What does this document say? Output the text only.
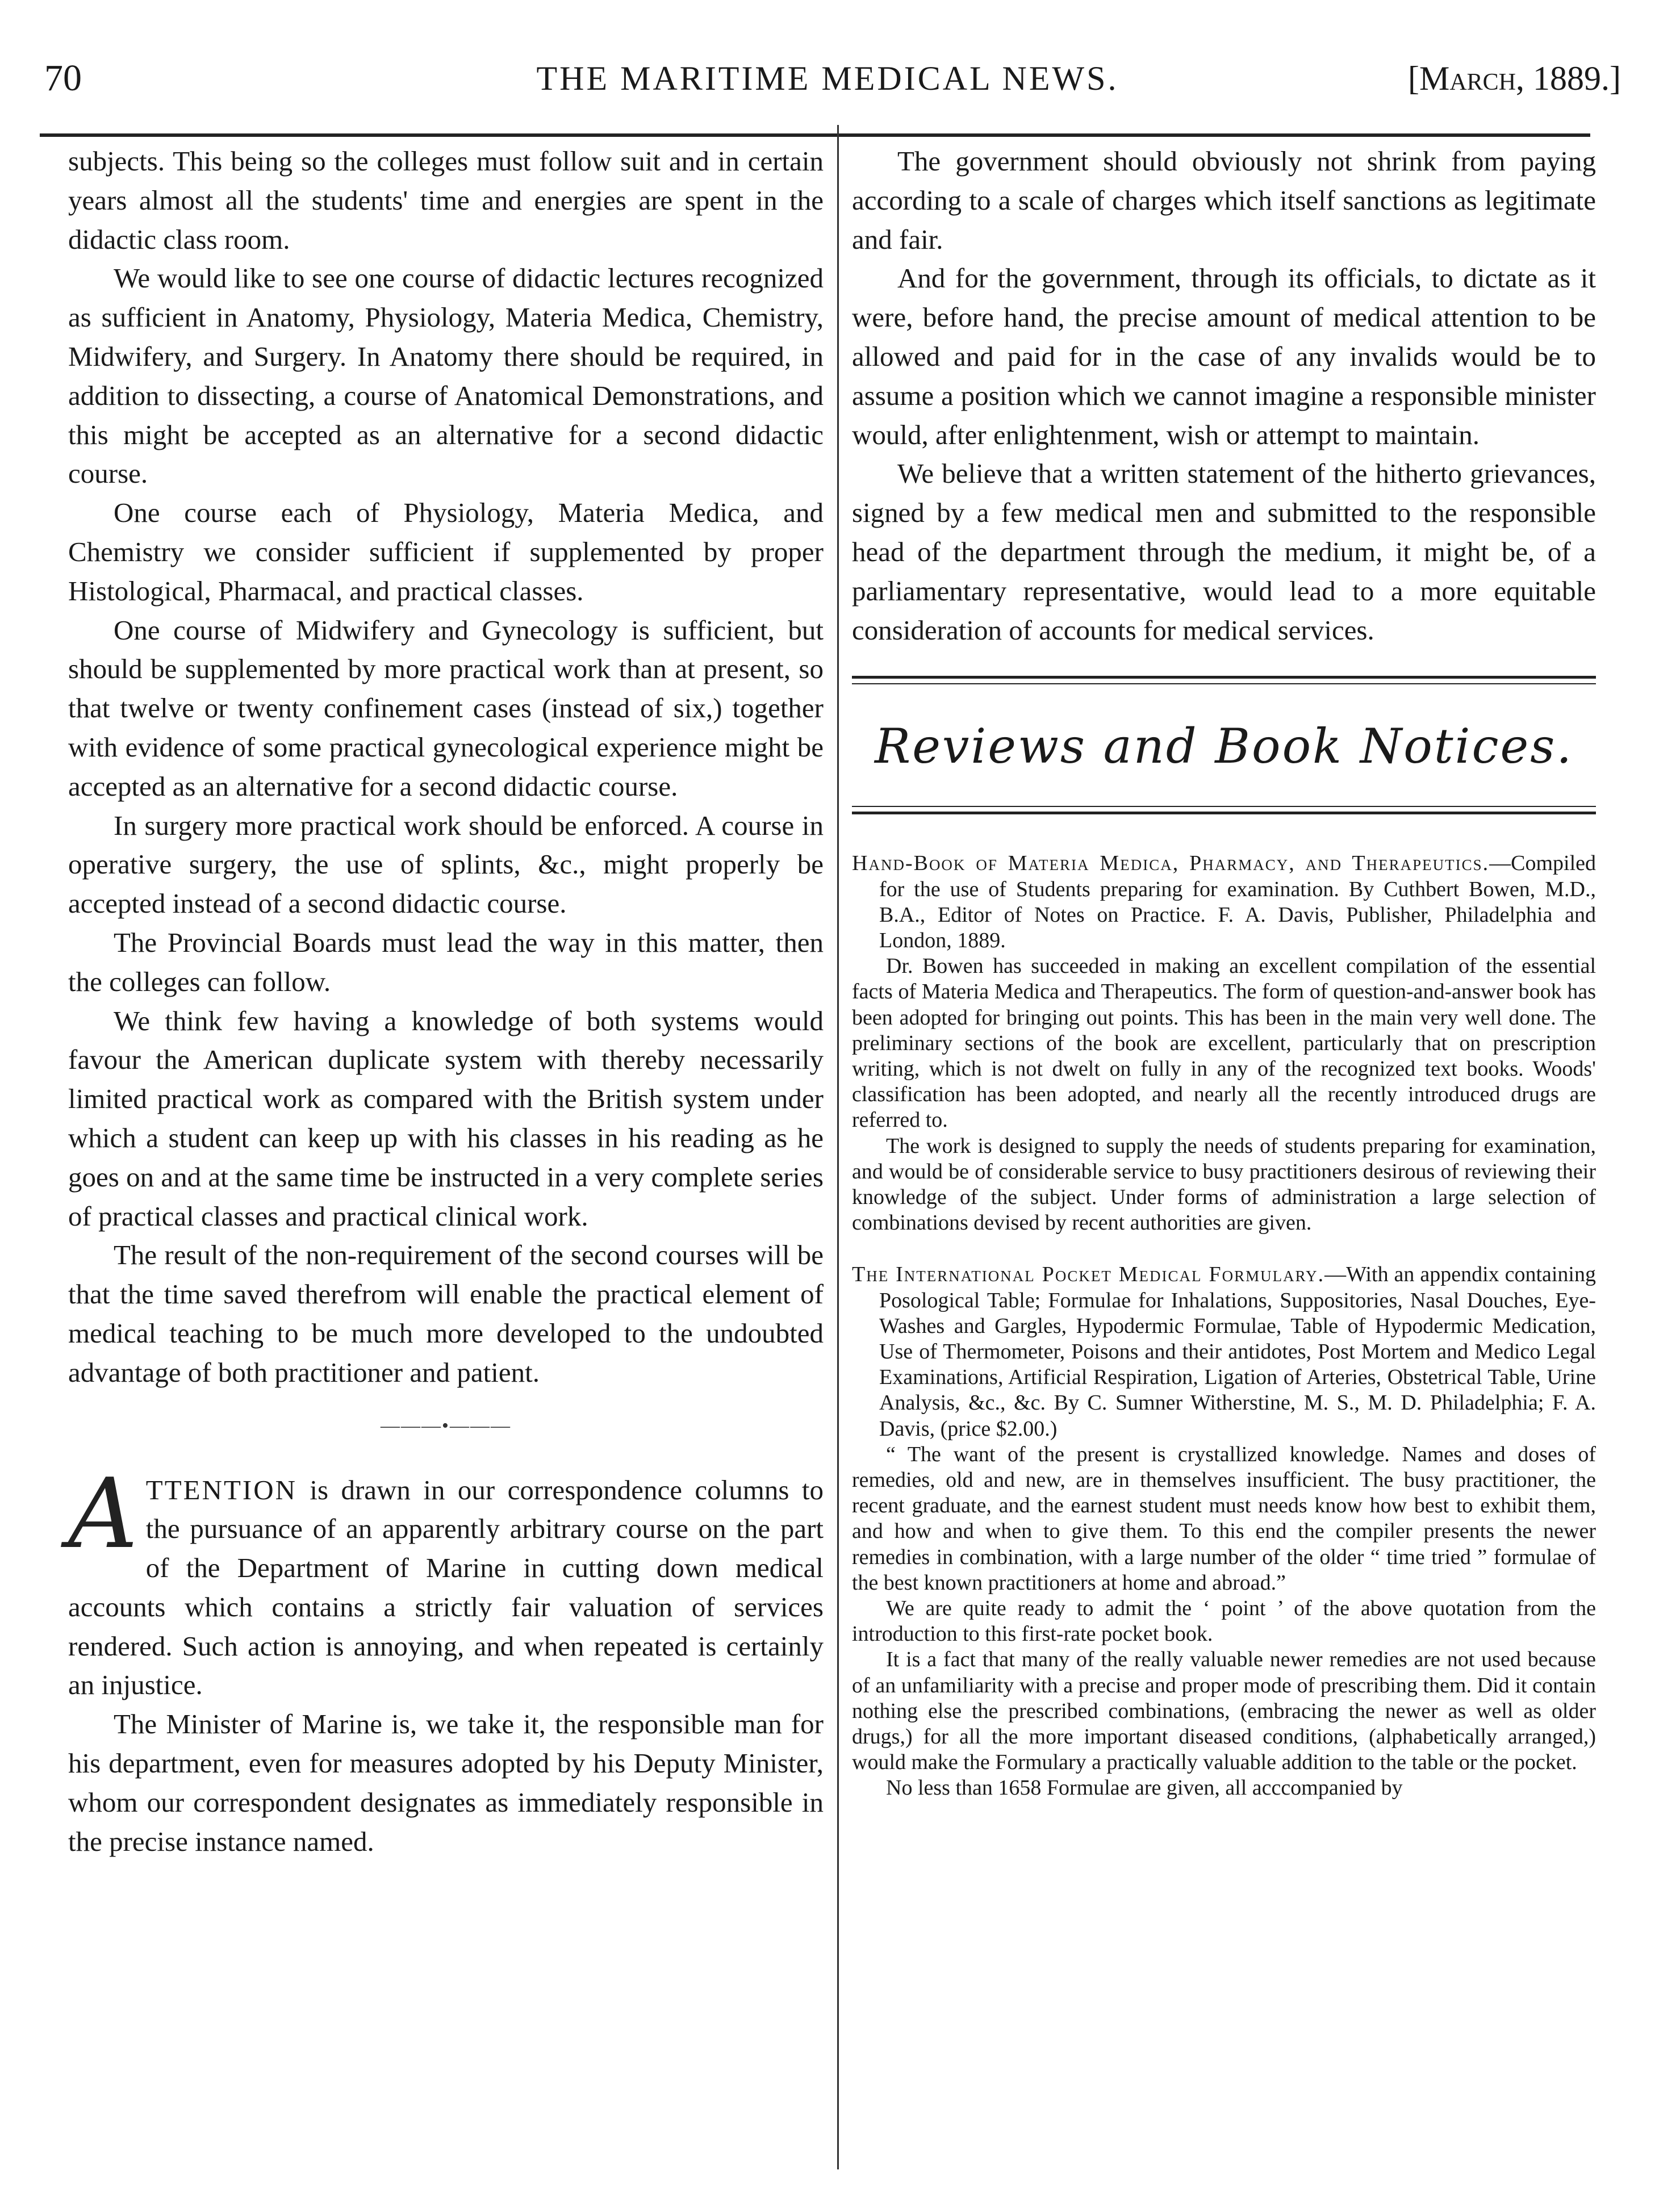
70	THE MARITIME MEDICAL NEWS.	[March, 1889.]

subjects. This being so the colleges must follow suit and in certain years almost all the students' time and energies are spent in the didactic class room.

We would like to see one course of didactic lectures recognized as sufficient in Anatomy, Physiology, Materia Medica, Chemistry, Midwifery, and Surgery. In Anatomy there should be required, in addition to dissecting, a course of Anatomical Demonstrations, and this might be accepted as an alternative for a second didactic course.

One course each of Physiology, Materia Medica, and Chemistry we consider sufficient if supplemented by proper Histological, Pharmacal, and practical classes.

One course of Midwifery and Gynecology is sufficient, but should be supplemented by more practical work than at present, so that twelve or twenty confinement cases (instead of six,) together with evidence of some practical gynecological experience might be accepted as an alternative for a second didactic course.

In surgery more practical work should be enforced. A course in operative surgery, the use of splints, &c., might properly be accepted instead of a second didactic course.

The Provincial Boards must lead the way in this matter, then the colleges can follow.

We think few having a knowledge of both systems would favour the American duplicate system with thereby necessarily limited practical work as compared with the British system under which a student can keep up with his classes in his reading as he goes on and at the same time be instructed in a very complete series of practical classes and practical clinical work.

The result of the non-requirement of the second courses will be that the time saved therefrom will enable the practical element of medical teaching to be much more developed to the undoubted advantage of both practitioner and patient.

———•———

ATTENTION is drawn in our correspondence columns to the pursuance of an apparently arbitrary course on the part of the Department of Marine in cutting down medical accounts which contains a strictly fair valuation of services rendered. Such action is annoying, and when repeated is certainly an injustice.

The Minister of Marine is, we take it, the responsible man for his department, even for measures adopted by his Deputy Minister, whom our correspondent designates as immediately responsible in the precise instance named.

The government should obviously not shrink from paying according to a scale of charges which itself sanctions as legitimate and fair.

And for the government, through its officials, to dictate as it were, before hand, the precise amount of medical attention to be allowed and paid for in the case of any invalids would be to assume a position which we cannot imagine a responsible minister would, after enlightenment, wish or attempt to maintain.

We believe that a written statement of the hitherto grievances, signed by a few medical men and submitted to the responsible head of the department through the medium, it might be, of a parliamentary representative, would lead to a more equitable consideration of accounts for medical services.

Reviews and Book Notices.

Hand-Book of Materia Medica, Pharmacy, and Therapeutics.—Compiled for the use of Students preparing for examination. By Cuthbert Bowen, M.D., B.A., Editor of Notes on Practice. F. A. Davis, Publisher, Philadelphia and London, 1889.

Dr. Bowen has succeeded in making an excellent compilation of the essential facts of Materia Medica and Therapeutics. The form of question-and-answer book has been adopted for bringing out points. This has been in the main very well done. The preliminary sections of the book are excellent, particularly that on prescription writing, which is not dwelt on fully in any of the recognized text books. Woods' classification has been adopted, and nearly all the recently introduced drugs are referred to.

The work is designed to supply the needs of students preparing for examination, and would be of considerable service to busy practitioners desirous of reviewing their knowledge of the subject. Under forms of administration a large selection of combinations devised by recent authorities are given.

The International Pocket Medical Formulary.—With an appendix containing Posological Table; Formulae for Inhalations, Suppositories, Nasal Douches, Eye-Washes and Gargles, Hypodermic Formulae, Table of Hypodermic Medication, Use of Thermometer, Poisons and their antidotes, Post Mortem and Medico Legal Examinations, Artificial Respiration, Ligation of Arteries, Obstetrical Table, Urine Analysis, &c., &c. By C. Sumner Witherstine, M. S., M. D. Philadelphia; F. A. Davis, (price $2.00.)

“ The want of the present is crystallized knowledge. Names and doses of remedies, old and new, are in themselves insufficient. The busy practitioner, the recent graduate, and the earnest student must needs know how best to exhibit them, and how and when to give them. To this end the compiler presents the newer remedies in combination, with a large number of the older “ time tried ” formulae of the best known practitioners at home and abroad.”

We are quite ready to admit the ‘ point ’ of the above quotation from the introduction to this first-rate pocket book.

It is a fact that many of the really valuable newer remedies are not used because of an unfamiliarity with a precise and proper mode of prescribing them. Did it contain nothing else the prescribed combinations, (embracing the newer as well as older drugs,) for all the more important diseased conditions, (alphabetically arranged,) would make the Formulary a practically valuable addition to the table or the pocket.

No less than 1658 Formulae are given, all acccompanied by
